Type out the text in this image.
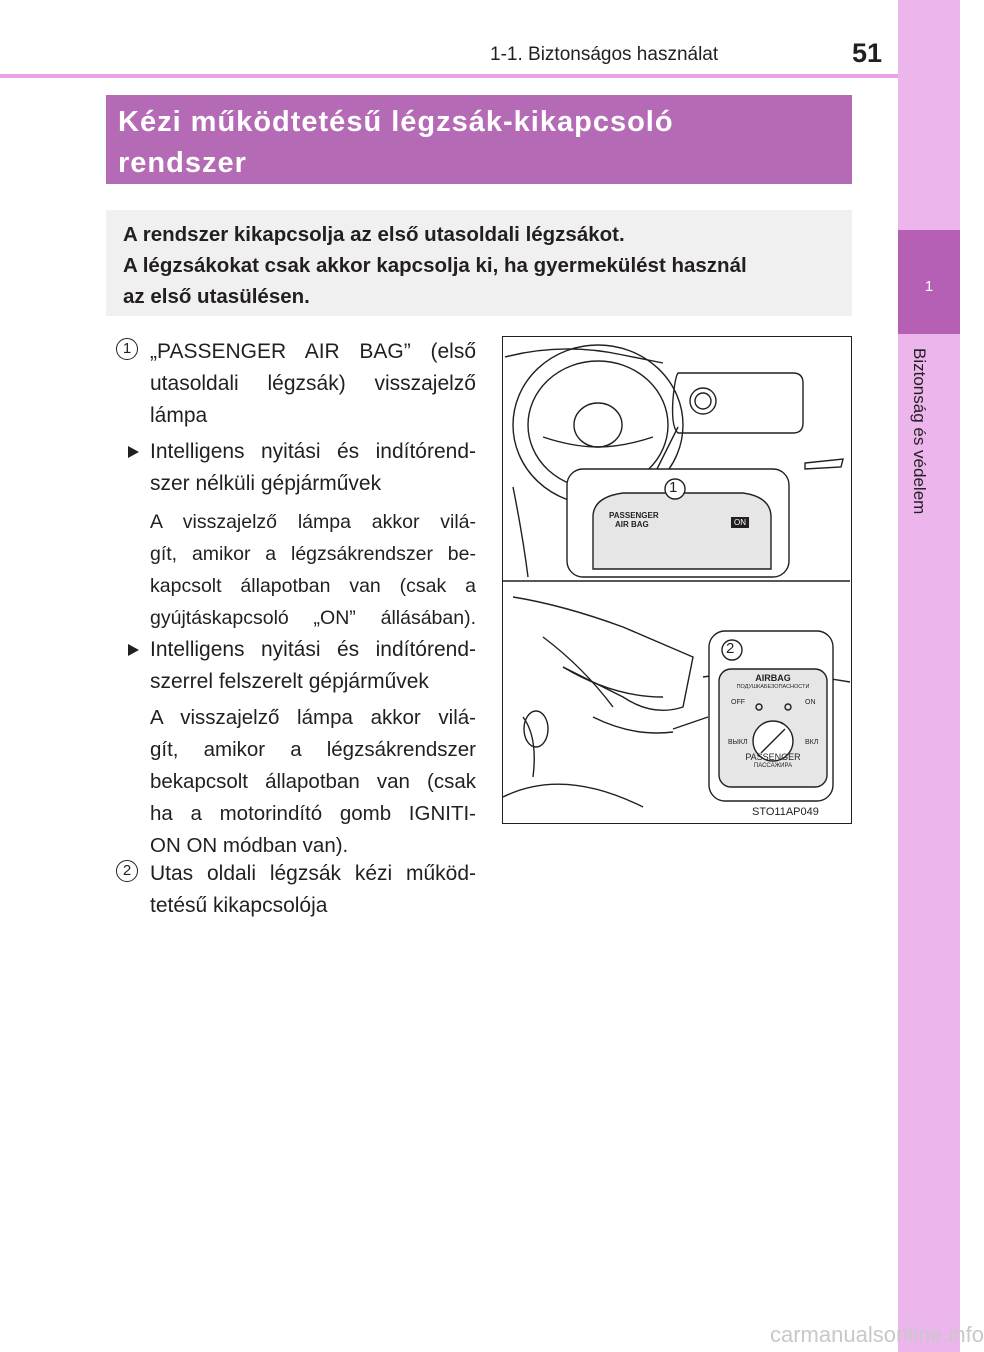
1-1. Biztonságos használat	51
1
Biztonság és védelem
Kézi működtetésű légzsák-kikapcsoló
rendszer
A rendszer kikapcsolja az első utasoldali légzsákot.
A légzsákokat csak akkor kapcsolja ki, ha gyermekülést használ
az első utasülésen.
1 „PASSENGER AIR BAG” (első
utasoldali légzsák) visszajelző
lámpa
Intelligens nyitási és indítórend-
szer nélküli gépjárművek
A visszajelző lámpa akkor vilá-
gít, amikor a légzsákrendszer be-
kapcsolt állapotban van (csak a
gyújtáskapcsoló „ON” állásában).
Intelligens nyitási és indítórend-
szerrel felszerelt gépjárművek
A visszajelző lámpa akkor vilá-
gít, amikor a légzsákrendszer
bekapcsolt állapotban van (csak
ha a motorindító gomb IGNITI-
ON ON módban van).
2 Utas oldali légzsák kézi működ-
tetésű kikapcsolója
1
2
PASSENGER
AIR BAG	ON
AIRBAG
ПОДУШКАБЕЗОПАСНОСТИ
OFF	ON
ВЫКЛ	ВКЛ
PASSENGER
ПАССАЖИРА
STO11AP049
carmanualsonline.info
